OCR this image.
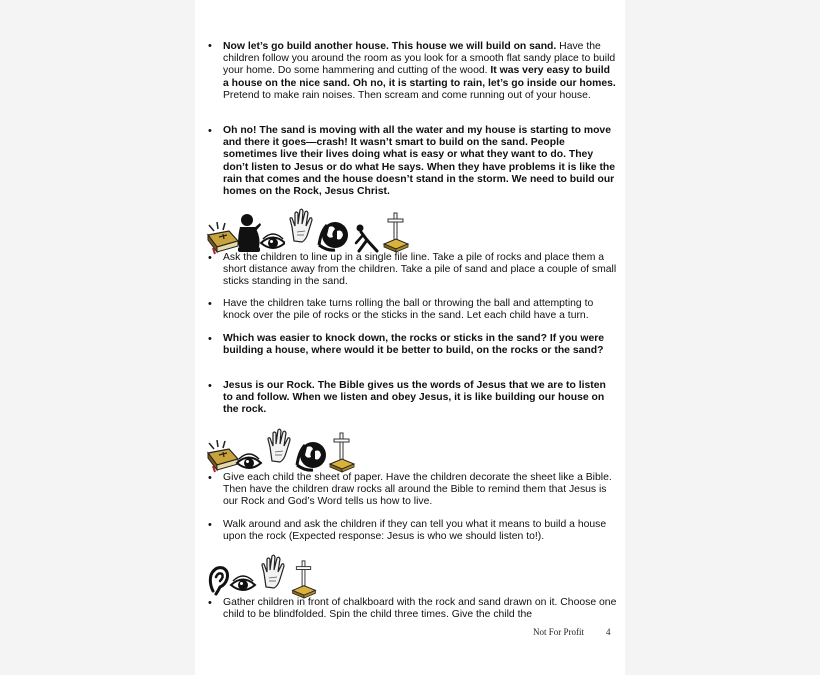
• Now let’s go build another house. This house we will build on sand. Have the children follow you around the room as you look for a smooth flat sandy place to build your home. Do some hammering and cutting of the wood. It was very easy to build a house on the nice sand. Oh no, it is starting to rain, let’s go inside our homes. Pretend to make rain noises. Then scream and come running out of your house.
• Oh no! The sand is moving with all the water and my house is starting to move and there it goes—crash! It wasn’t smart to build on the sand. People sometimes live their lives doing what is easy or what they want to do. They don’t listen to Jesus or do what He says. When they have problems it is like the rain that comes and the house doesn’t stand in the storm. We need to build our homes on the Rock, Jesus Christ.
• Ask the children to line up in a single file line. Take a pile of rocks and place them a short distance away from the children. Take a pile of sand and place a couple of small sticks standing in the sand.
• Have the children take turns rolling the ball or throwing the ball and attempting to knock over the pile of rocks or the sticks in the sand. Let each child have a turn.
• Which was easier to knock down, the rocks or sticks in the sand? If you were building a house, where would it be better to build, on the rocks or the sand?
• Jesus is our Rock. The Bible gives us the words of Jesus that we are to listen to and follow. When we listen and obey Jesus, it is like building our house on the rock.
• Give each child the sheet of paper. Have the children decorate the sheet like a Bible. Then have the children draw rocks all around the Bible to remind them that Jesus is our Rock and God’s Word tells us how to live.
• Walk around and ask the children if they can tell you what it means to build a house upon the rock (Expected response: Jesus is who we should listen to!).
• Gather children in front of chalkboard with the rock and sand drawn on it. Choose one child to be blindfolded. Spin the child three times. Give the child the
Not For Profit 4
